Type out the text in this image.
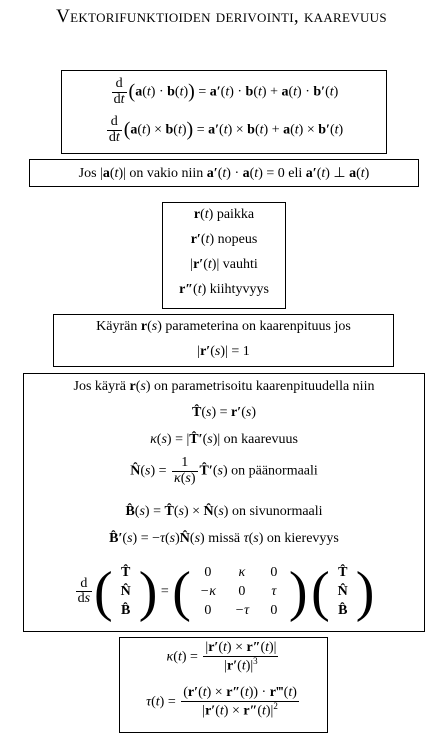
Vektorifunktioiden derivointi, kaarevuus
$\frac{d}{dt} (a(t) \cdot b(t)) = a'(t) \cdot b(t) + a(t) \cdot b'(t)$
$\frac{d}{dt} (a(t) \times b(t)) = a'(t) \times b(t) + a(t) \times b'(t)$
Jos |a(t)| on vakio niin a′(t) · a(t) = 0 eli a′(t) ⊥ a(t)
r(t) paikka
r′(t) nopeus
|r′(t)| vauhti
r″(t) kiihtyvyys
Käyrän r(s) parameterina on kaarenpituus jos
|r′(s)| = 1
Jos käyrä r(s) on parametrisoitu kaarenpituudella niin
T̂(s) = r′(s)
κ(s) = |T̂′(s)| on kaarevuus
N̂(s) = $\frac{1}{\kappa(s)}$ T̂′(s) on päänormaali
B̂(s) = T̂(s) × N̂(s) on sivunormaali
B̂′(s) = −τ(s)N̂(s) missä τ(s) on kierevyys
$\frac{d}{ds}$ ( T̂
N̂
B̂ ) = ( 0	κ	0
−κ	0	τ
0	−τ	0 ) ( T̂
N̂
B̂ )
$\kappa(t) = \frac{|r'(t) \times r''(t)|}{|r'(t)|^3}$
$\tau(t) = \frac{(r'(t) \times r''(t)) \cdot r‴(t)}{|r'(t) \times r''(t)|^2}$
